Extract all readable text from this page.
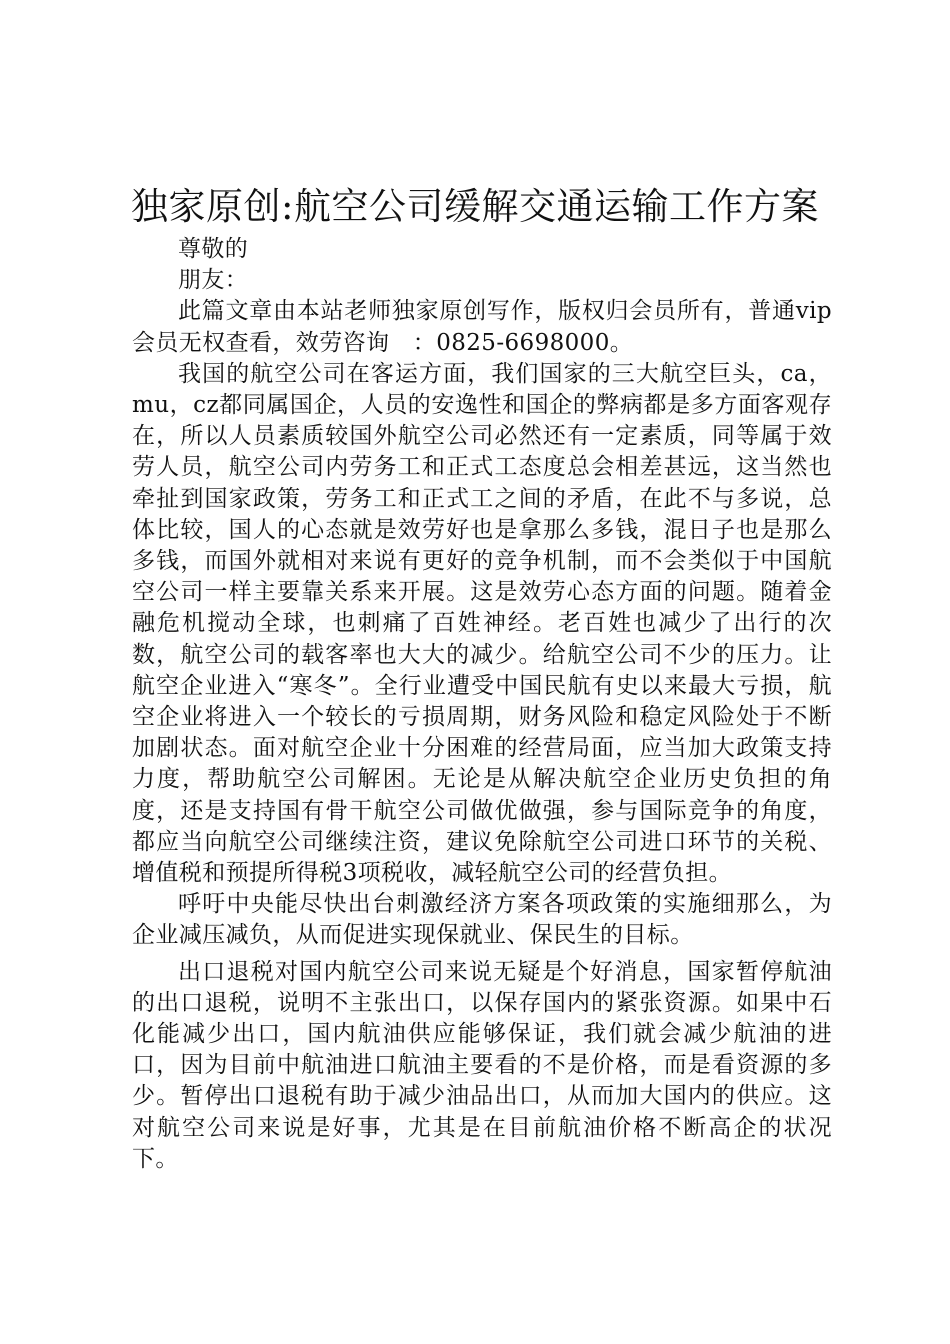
独家原创:航空公司缓解交通运输工作方案

尊敬的

朋友：

此篇文章由本站老师独家原创写作，版权归会员所有，普通vip会员无权查看，效劳咨询　：0825-6698000。

我国的航空公司在客运方面，我们国家的三大航空巨头，ca，mu，cz都同属国企，人员的安逸性和国企的弊病都是多方面客观存在，所以人员素质较国外航空公司必然还有一定素质，同等属于效劳人员，航空公司内劳务工和正式工态度总会相差甚远，这当然也牵扯到国家政策，劳务工和正式工之间的矛盾，在此不与多说，总体比较，国人的心态就是效劳好也是拿那么多钱，混日子也是那么多钱，而国外就相对来说有更好的竞争机制，而不会类似于中国航空公司一样主要靠关系来开展。这是效劳心态方面的问题。随着金融危机搅动全球，也刺痛了百姓神经。老百姓也减少了出行的次数，航空公司的载客率也大大的减少。给航空公司不少的压力。让航空企业进入“寒冬”。全行业遭受中国民航有史以来最大亏损，航空企业将进入一个较长的亏损周期，财务风险和稳定风险处于不断加剧状态。面对航空企业十分困难的经营局面，应当加大政策支持力度，帮助航空公司解困。无论是从解决航空企业历史负担的角度，还是支持国有骨干航空公司做优做强，参与国际竞争的角度，都应当向航空公司继续注资，建议免除航空公司进口环节的关税、增值税和预提所得税3项税收，减轻航空公司的经营负担。

呼吁中央能尽快出台刺激经济方案各项政策的实施细那么，为企业减压减负，从而促进实现保就业、保民生的目标。

出口退税对国内航空公司来说无疑是个好消息，国家暂停航油的出口退税，说明不主张出口，以保存国内的紧张资源。如果中石化能减少出口，国内航油供应能够保证，我们就会减少航油的进口，因为目前中航油进口航油主要看的不是价格，而是看资源的多少。暂停出口退税有助于减少油品出口，从而加大国内的供应。这对航空公司来说是好事，尤其是在目前航油价格不断高企的状况下。
